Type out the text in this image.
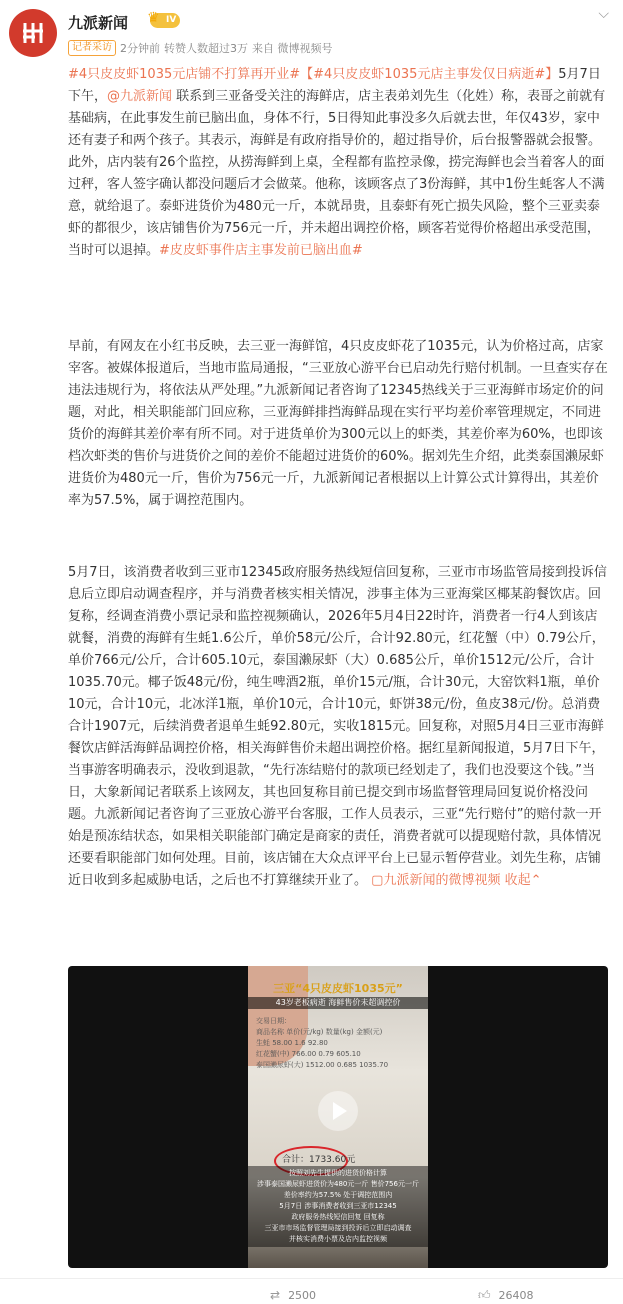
九派新闻	IV
♛
记者采访 2分钟前 转赞人数超过3万 来自 微博视频号
⌵

#4只皮皮虾1035元店铺不打算再开业#【#4只皮皮虾1035元店主事发仅日病逝#】5月7日下午，@九派新闻 联系到三亚备受关注的海鲜店，店主表弟刘先生（化姓）称，表哥之前就有基础病，在此事发生前已脑出血，身体不行，5日得知此事没多久后就去世，年仅43岁，家中还有妻子和两个孩子。其表示，海鲜是有政府指导价的，超过指导价，后台报警器就会报警。此外，店内装有26个监控，从捞海鲜到上桌，全程都有监控录像，捞完海鲜也会当着客人的面过秤，客人签字确认都没问题后才会做菜。他称，该顾客点了3份海鲜，其中1份生蚝客人不满意，就给退了。泰虾进货价为480元一斤，本就昂贵，且泰虾有死亡损失风险，整个三亚卖泰虾的都很少，该店铺售价为756元一斤，并未超出调控价格，顾客若觉得价格超出承受范围，当时可以退掉。#皮皮虾事件店主事发前已脑出血#

早前，有网友在小红书反映，去三亚一海鲜馆，4只皮皮虾花了1035元，认为价格过高，店家宰客。被媒体报道后，当地市监局通报，“三亚放心游平台已启动先行赔付机制。一旦查实存在违法违规行为，将依法从严处理。”九派新闻记者咨询了12345热线关于三亚海鲜市场定价的问题，对此，相关职能部门回应称，三亚海鲜排挡海鲜品现在实行平均差价率管理规定，不同进货价的海鲜其差价率有所不同。对于进货单价为300元以上的虾类，其差价率为60%，也即该档次虾类的售价与进货价之间的差价不能超过进货价的60%。据刘先生介绍，此类泰国濑尿虾进货价为480元一斤，售价为756元一斤，九派新闻记者根据以上计算公式计算得出，其差价率为57.5%，属于调控范围内。

5月7日，该消费者收到三亚市12345政府服务热线短信回复称，三亚市市场监管局接到投诉信息后立即启动调查程序，并与消费者核实相关情况，涉事主体为三亚海棠区椰某韵餐饮店。回复称，经调查消费小票记录和监控视频确认，2026年5月4日22时许，消费者一行4人到该店就餐，消费的海鲜有生蚝1.6公斤，单价58元/公斤，合计92.80元，红花蟹（中）0.79公斤，单价766元/公斤，合计605.10元，泰国濑尿虾（大）0.685公斤，单价1512元/公斤，合计1035.70元。椰子饭48元/份，纯生啤酒2瓶，单价15元/瓶，合计30元，大窑饮料1瓶，单价10元，合计10元，北冰洋1瓶，单价10元，合计10元，虾饼38元/份，鱼皮38元/份。总消费合计1907元，后续消费者退单生蚝92.80元，实收1815元。回复称，对照5月4日三亚市海鲜餐饮店鲜活海鲜品调控价格，相关海鲜售价未超出调控价格。据红星新闻报道，5月7日下午，当事游客明确表示，没收到退款，“先行冻结赔付的款项已经划走了，我们也没要这个钱。”当日，大象新闻记者联系上该网友，其也回复称目前已提交到市场监督管理局回复说价格没问题。九派新闻记者咨询了三亚放心游平台客服，工作人员表示，三亚“先行赔付”的赔付款一开始是预冻结状态，如果相关职能部门确定是商家的责任，消费者就可以提现赔付款，具体情况还要看职能部门如何处理。目前，该店铺在大众点评平台上已显示暂停营业。刘先生称，店铺近日收到多起威胁电话，之后也不打算继续开业了。 ▢九派新闻的微博视频 收起⌃

三亚“4只皮皮虾1035元”
43岁老板病逝 海鲜售价未超调控价
交易日期：
商品名称 单价(元/kg) 数量(kg) 金额(元)
生蚝 58.00 1.6 92.80
红花蟹(中) 766.00 0.79 605.10
泰国濑尿虾(大) 1512.00 0.685 1035.70
合计：1733.60元
按照刘先生提供的进货价格计算
涉事泰国濑尿虾进货价为480元一斤 售价756元一斤
差价率约为57.5% 处于调控范围内
5月7日 涉事消费者收到三亚市12345
政府服务热线短信回复 回复称
三亚市市场监督管理局接到投诉后立即启动调查
并核实消费小票及店内监控视频
⇄ 2500	👍︎ 26408
